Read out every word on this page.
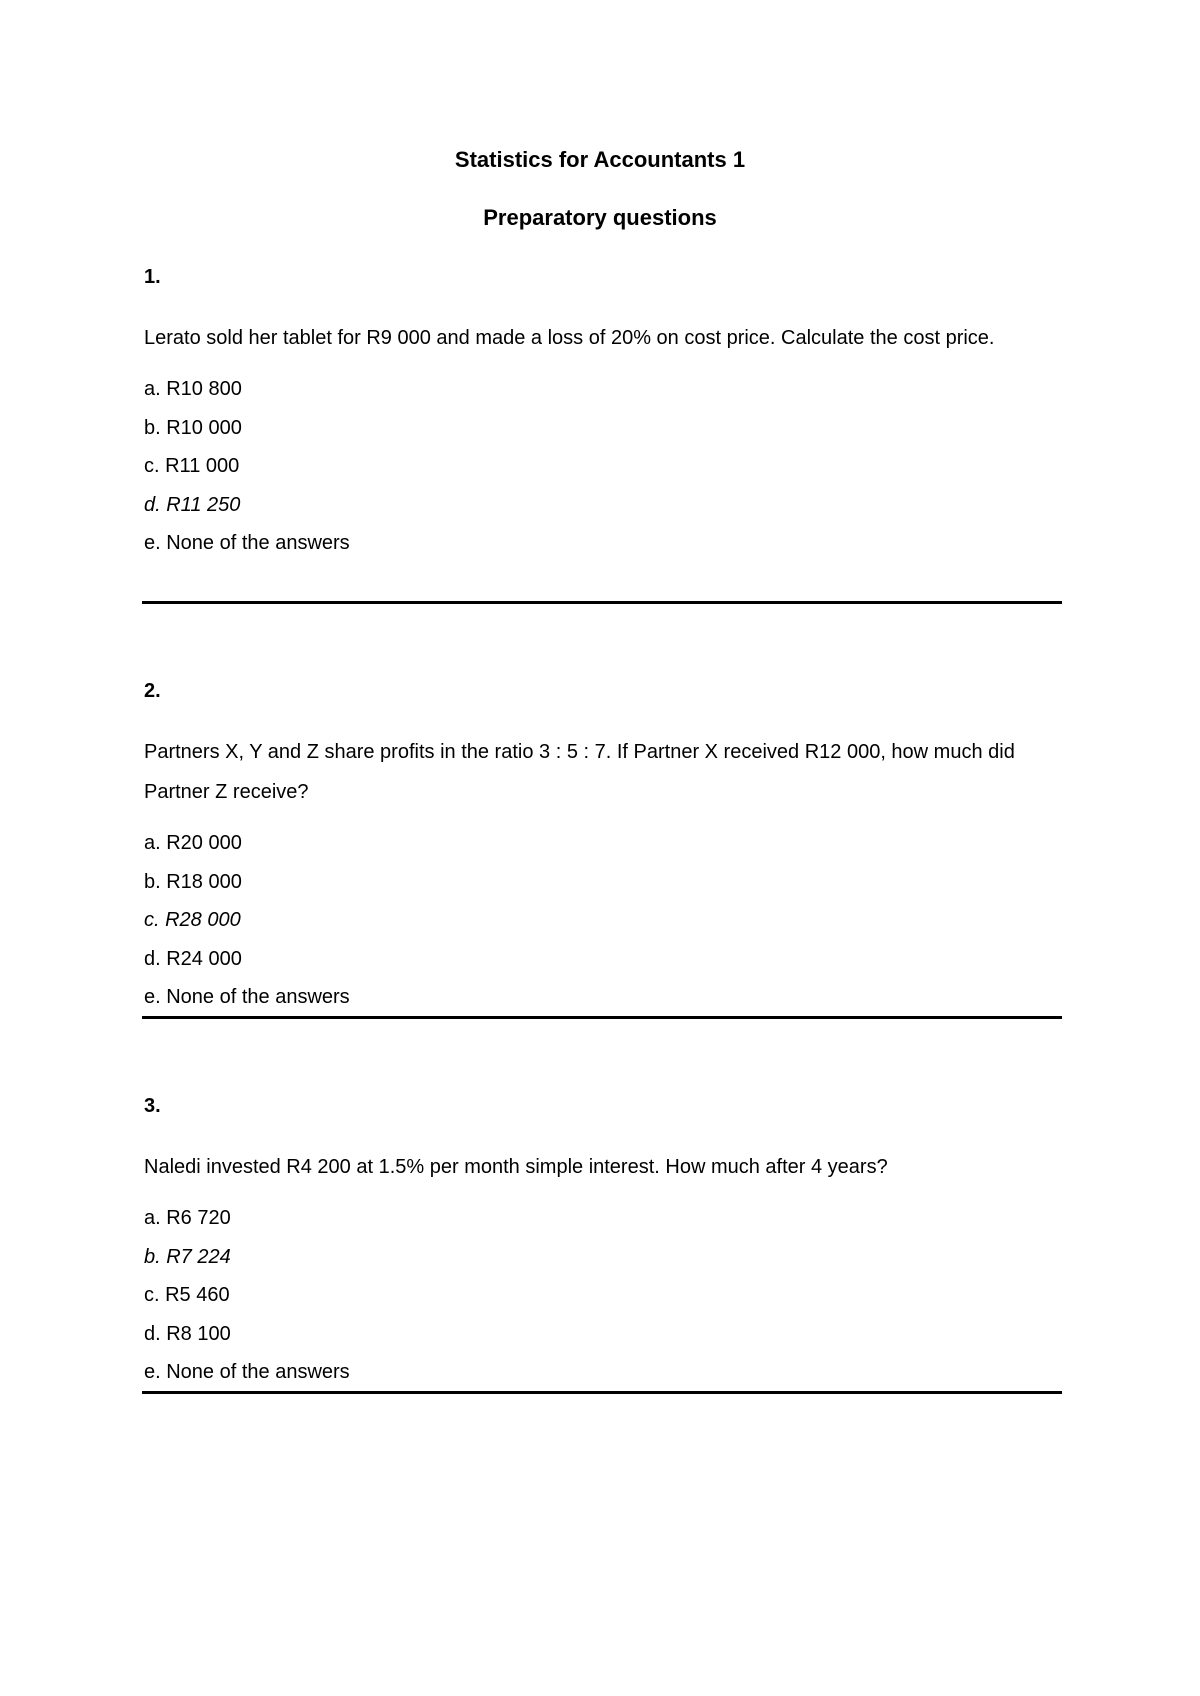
Statistics for Accountants 1
Preparatory questions
1.
Lerato sold her tablet for R9 000 and made a loss of 20% on cost price. Calculate the cost price.
a. R10 800
b. R10 000
c. R11 000
d. R11 250
e. None of the answers
2.
Partners X, Y and Z share profits in the ratio 3 : 5 : 7. If Partner X received R12 000, how much did Partner Z receive?
a. R20 000
b. R18 000
c. R28 000
d. R24 000
e. None of the answers
3.
Naledi invested R4 200 at 1.5% per month simple interest. How much after 4 years?
a. R6 720
b. R7 224
c. R5 460
d. R8 100
e. None of the answers
